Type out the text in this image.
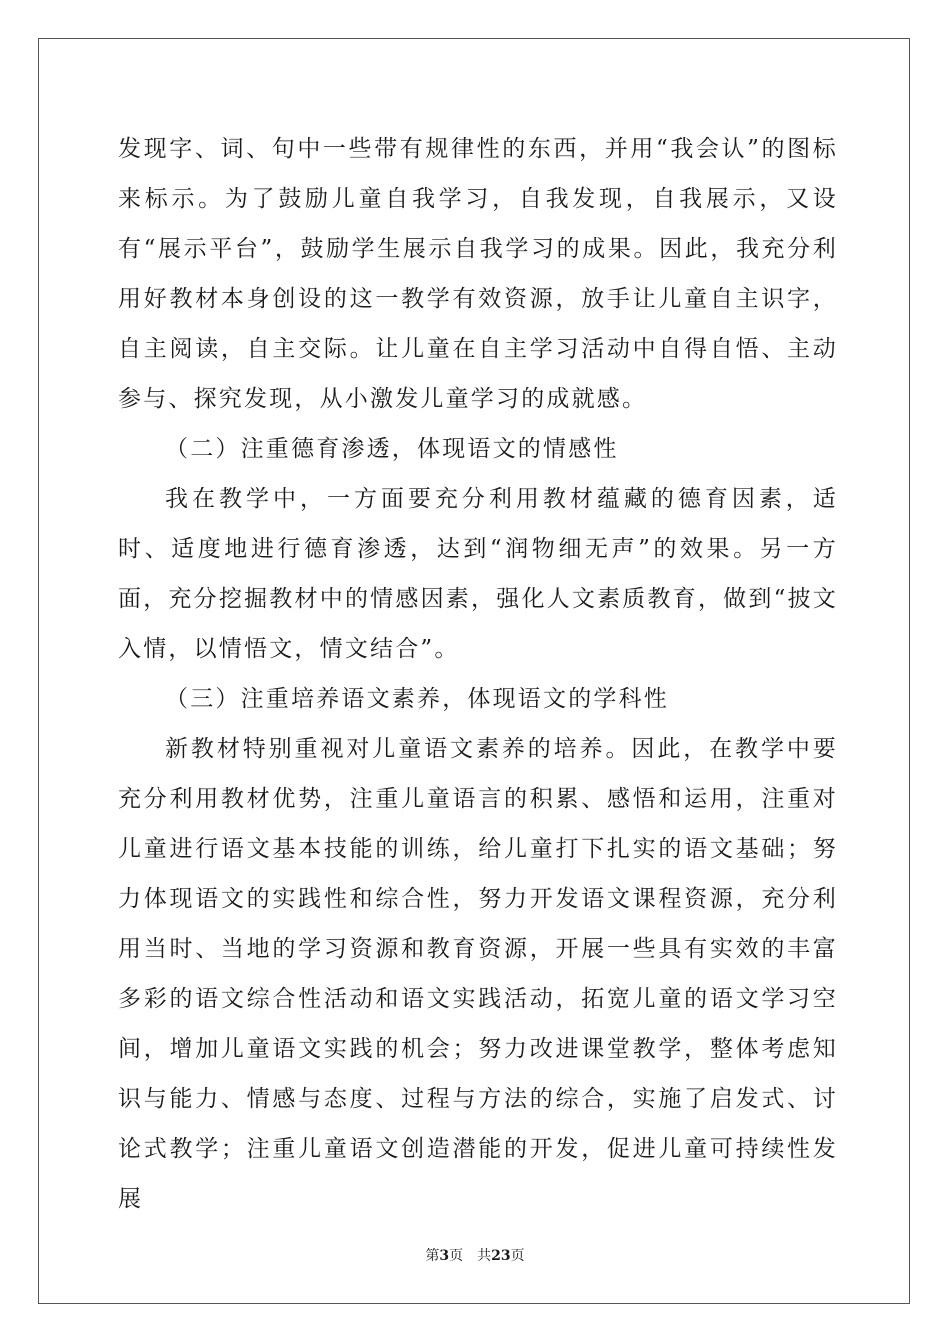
发现字、词、句中一些带有规律性的东西，并用“我会认”的图标来标示。为了鼓励儿童自我学习，自我发现，自我展示，又设有“展示平台”，鼓励学生展示自我学习的成果。因此，我充分利用好教材本身创设的这一教学有效资源，放手让儿童自主识字，自主阅读，自主交际。让儿童在自主学习活动中自得自悟、主动参与、探究发现，从小激发儿童学习的成就感。

（二）注重德育渗透，体现语文的情感性

我在教学中，一方面要充分利用教材蕴藏的德育因素，适时、适度地进行德育渗透，达到“润物细无声”的效果。另一方面，充分挖掘教材中的情感因素，强化人文素质教育，做到“披文入情，以情悟文，情文结合”。

（三）注重培养语文素养，体现语文的学科性

新教材特别重视对儿童语文素养的培养。因此，在教学中要充分利用教材优势，注重儿童语言的积累、感悟和运用，注重对儿童进行语文基本技能的训练，给儿童打下扎实的语文基础；努力体现语文的实践性和综合性，努力开发语文课程资源，充分利用当时、当地的学习资源和教育资源，开展一些具有实效的丰富多彩的语文综合性活动和语文实践活动，拓宽儿童的语文学习空间，增加儿童语文实践的机会；努力改进课堂教学，整体考虑知识与能力、情感与态度、过程与方法的综合，实施了启发式、讨论式教学；注重儿童语文创造潜能的开发，促进儿童可持续性发展

第3页 共23页
